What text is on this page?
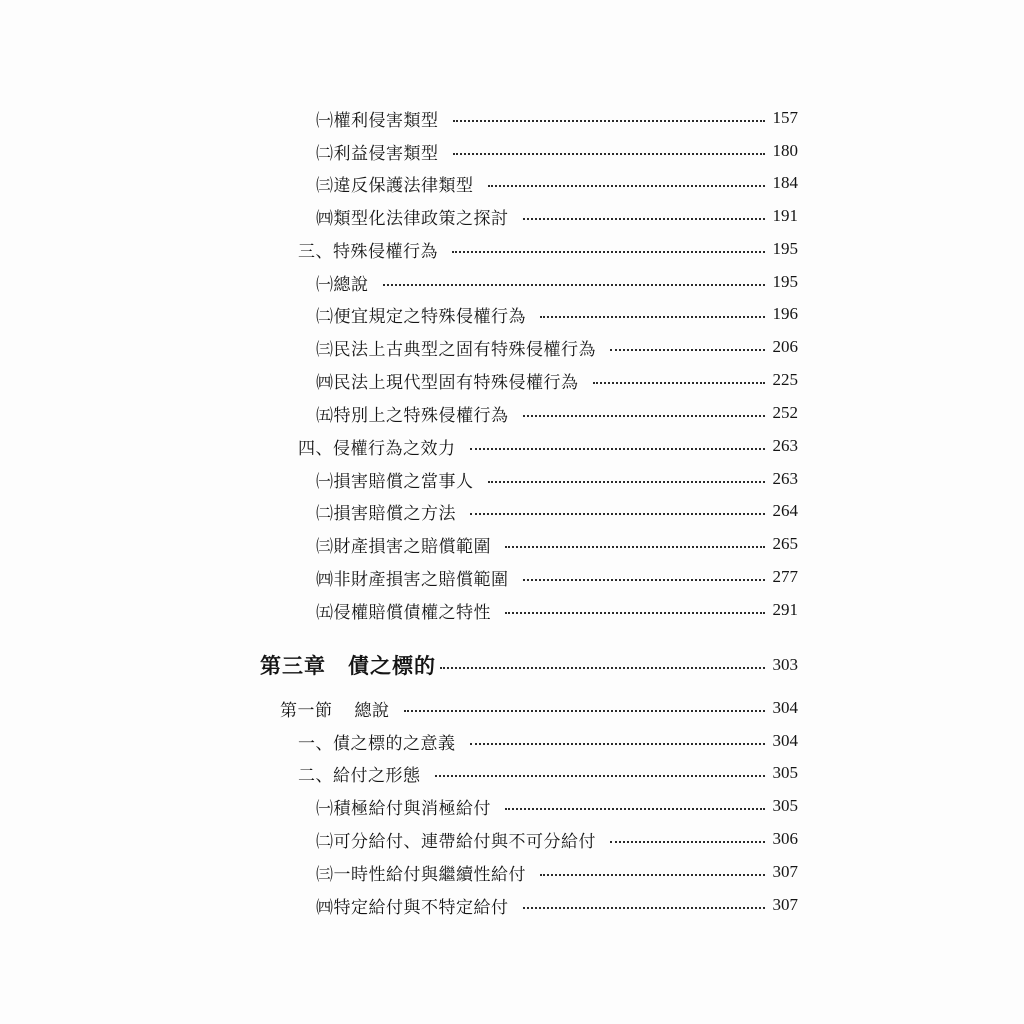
㈠權利侵害類型	157
㈡利益侵害類型	180
㈢違反保護法律類型	184
㈣類型化法律政策之探討	191
三、特殊侵權行為	195
㈠總說	195
㈡便宜規定之特殊侵權行為	196
㈢民法上古典型之固有特殊侵權行為	206
㈣民法上現代型固有特殊侵權行為	225
㈤特別上之特殊侵權行為	252
四、侵權行為之效力	263
㈠損害賠償之當事人	263
㈡損害賠償之方法	264
㈢財產損害之賠償範圍	265
㈣非財產損害之賠償範圍	277
㈤侵權賠償債權之特性	291
第三章 債之標的	303
第一節 總說	304
一、債之標的之意義	304
二、給付之形態	305
㈠積極給付與消極給付	305
㈡可分給付、連帶給付與不可分給付	306
㈢一時性給付與繼續性給付	307
㈣特定給付與不特定給付	307
